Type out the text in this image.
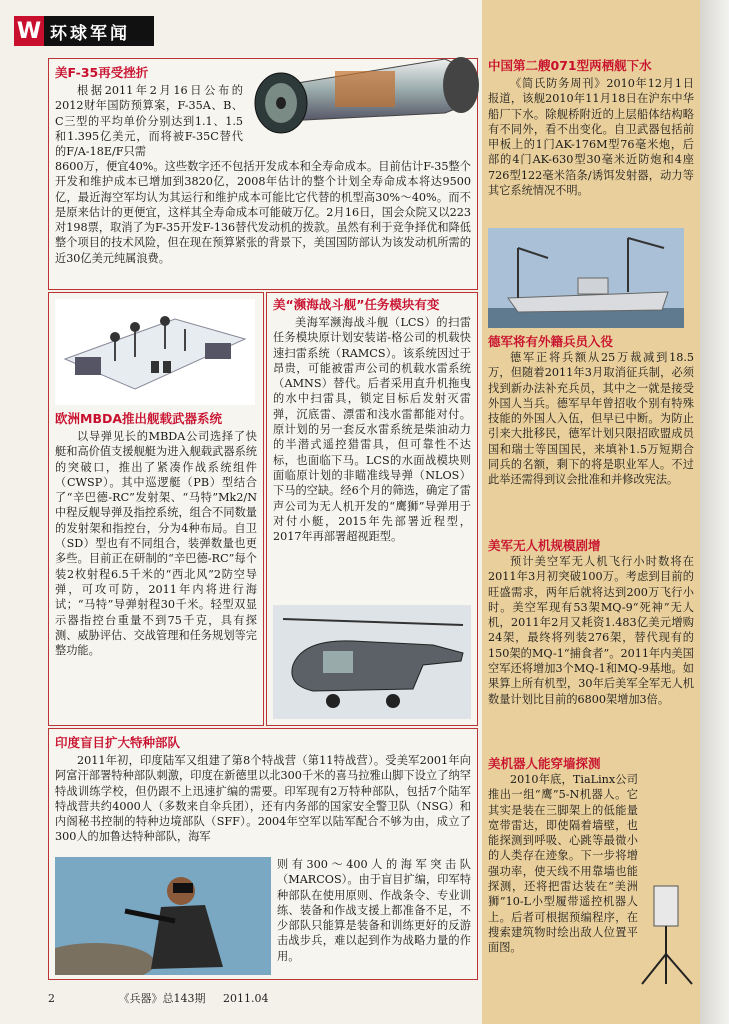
W 环球军闻
美F-35再受挫折

根据2011年2月16日公布的2012财年国防预算案，F-35A、B、C三型的平均单价分别达到1.1、1.5和1.395亿美元，而将被F-35C替代的F/A-18E/F只需

8600万，便宜40%。这些数字还不包括开发成本和全寿命成本。目前估计F-35整个开发和维护成本已增加到3820亿，2008年估计的整个计划全寿命成本将达9500亿，最近海空军均认为其运行和维护成本可能比它代替的机型高30%～40%。而不是原来估计的更便宜，这样其全寿命成本可能破万亿。2月16日，国会众院又以223对198票，取消了为F-35开发F-136替代发动机的拨款。虽然有利于竞争择优和降低整个项目的技术风险，但在现在预算紧张的背景下，美国国防部认为该发动机所需的近30亿美元纯属浪费。

欧洲MBDA推出舰载武器系统

以导弹见长的MBDA公司选择了快艇和高价值支援舰艇为进入舰载武器系统的突破口，推出了紧凑作战系统组件（CWSP）。其中巡逻艇（PB）型结合了“辛巴德-RC”发射架、“马特”Mk2/N中程反舰导弹及指控系统，组合不同数量的发射架和指控台，分为4种布局。自卫（SD）型也有不同组合，装弹数量也更多些。目前正在研制的“辛巴德-RC”每个装2枚射程6.5千米的“西北风”2防空导弹，可攻可防，2011年内将进行海试；“马特”导弹射程30千米。轻型双显示器指控台重量不到75千克，具有探测、威胁评估、交战管理和任务规划等完整功能。

美“濒海战斗舰”任务模块有变

美海军濒海战斗舰（LCS）的扫雷任务模块原计划安装诺-格公司的机载快速扫雷系统（RAMCS）。该系统因过于昂贵，可能被雷声公司的机载水雷系统（AMNS）替代。后者采用直升机拖曳的水中扫雷具，锁定目标后发射灭雷弹，沉底雷、漂雷和浅水雷都能对付。原计划的另一套反水雷系统是柴油动力的半潜式遥控猎雷具，但可靠性不达标，也面临下马。LCS的水面战模块则面临原计划的非瞄准线导弹（NLOS）下马的空缺。经6个月的筛选，确定了雷声公司为无人机开发的“鹰狮”导弹用于对付小艇，2015年先部署近程型，2017年再部署超视距型。

印度盲目扩大特种部队

2011年初，印度陆军又组建了第8个特战营（第11特战营）。受美军2001年向阿富汗部署特种部队刺激，印度在新德里以北300千米的喜马拉雅山脚下设立了纳罕特战训练学校，但仍跟不上迅速扩编的需要。印军现有2万特种部队，包括7个陆军特战营共约4000人（多数来自伞兵团），还有内务部的国家安全警卫队（NSG）和内阁秘书控制的特种边境部队（SFF）。2004年空军以陆军配合不够为由，成立了300人的加鲁达特种部队，海军

则有300～400人的海军突击队（MARCOS）。由于盲目扩编，印军特种部队在使用原则、作战条令、专业训练、装备和作战支援上都准备不足，不少部队只能算是装备和训练更好的反游击战步兵，难以起到作为战略力量的作用。

中国第二艘071型两栖舰下水

《简氏防务周刊》2010年12月1日报道，该舰2010年11月18日在沪东中华船厂下水。除舰桥附近的上层船体结构略有不同外，看不出变化。自卫武器包括前甲板上的1门AK-176M型76毫米炮，后部的4门AK-630型30毫米近防炮和4座726型122毫米箔条/诱饵发射器，动力等其它系统情况不明。

德军将有外籍兵员入役

德军正将兵额从25万裁减到18.5万，但随着2011年3月取消征兵制，必须找到新办法补充兵员，其中之一就是接受外国人当兵。德军早年曾招收个别有特殊技能的外国人入伍，但早已中断。为防止引来大批移民，德军计划只限招欧盟成员国和瑞士等国国民，来填补1.5万短期合同兵的名额，剩下的将是职业军人。不过此举还需得到议会批准和并修改宪法。

美军无人机规模剧增

预计美空军无人机飞行小时数将在2011年3月初突破100万。考虑到目前的旺盛需求，两年后就将达到200万飞行小时。美空军现有53架MQ-9“死神”无人机，2011年2月又耗资1.483亿美元增购24架，最终将列装276架，替代现有的150架的MQ-1“捕食者”。2011年内美国空军还将增加3个MQ-1和MQ-9基地。如果算上所有机型，30年后美军全军无人机数量计划比目前的6800架增加3倍。

美机器人能穿墙探测

2010年底，TiaLinx公司推出一组“鹰”5-N机器人。它其实是装在三脚架上的低能量宽带雷达，即使隔着墙壁，也能探测到呼吸、心跳等最微小的人类存在迹象。下一步将增强功率，使天线不用靠墙也能探测，还将把雷达装在“美洲狮”10-L小型履带遥控机器人上。后者可根据预编程序，在搜索建筑物时绘出敌人位置平面图。

2	《兵器》总143期 2011.04
